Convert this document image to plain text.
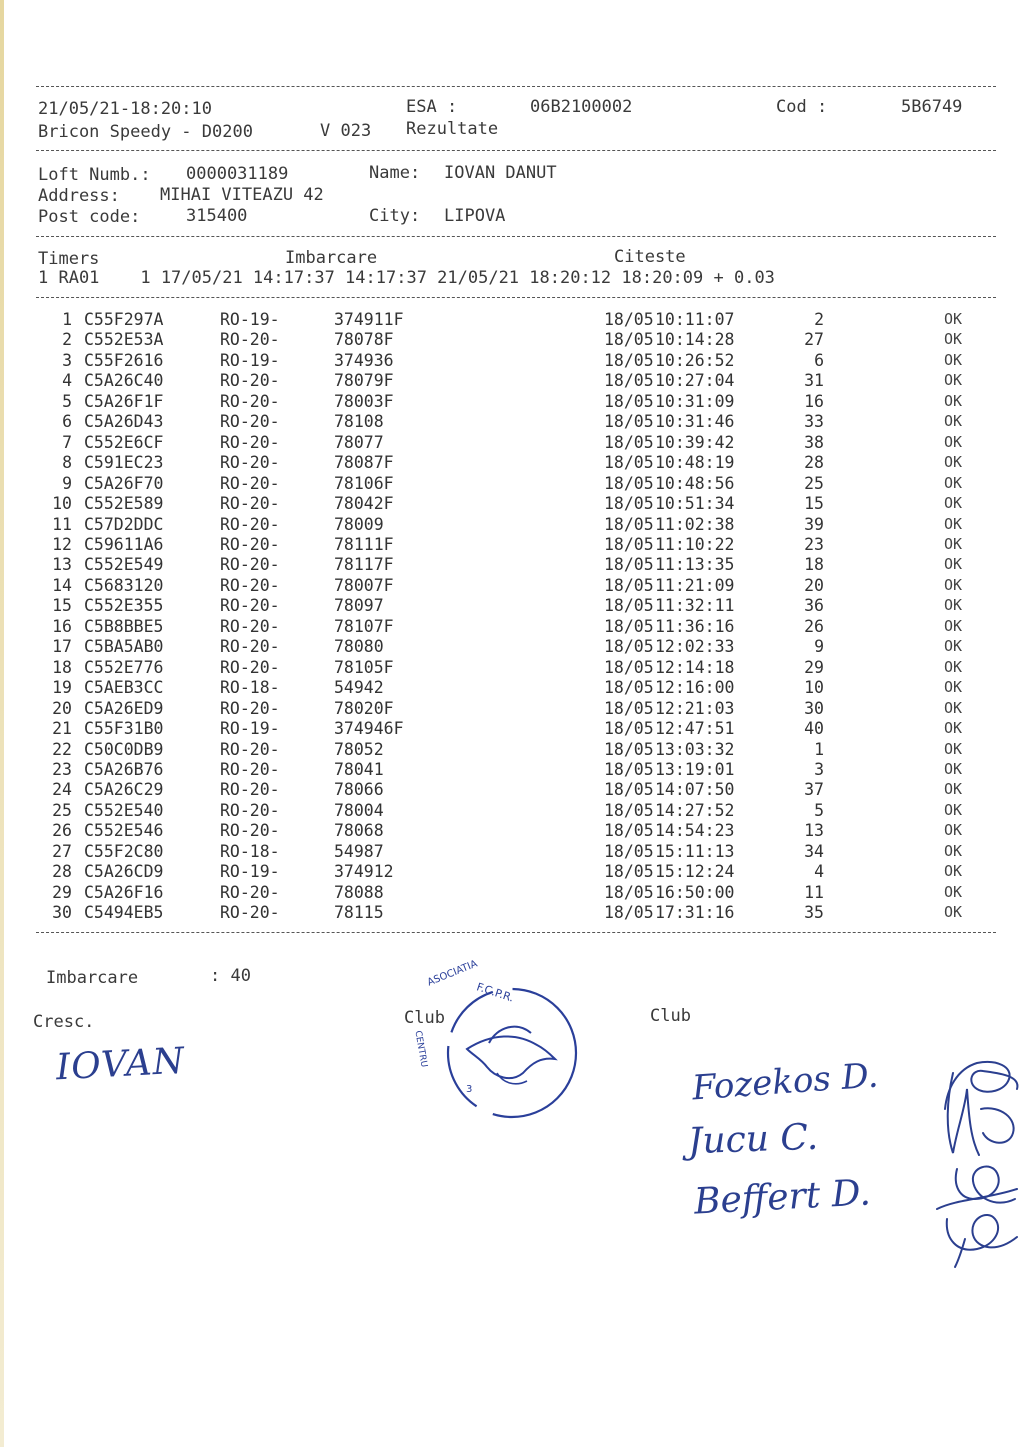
21/05/21-18:20:10	ESA :	06B2100002	Cod :	5B6749
Bricon Speedy - D0200	V 023 Rezultate
Loft Numb.: 0000031189	Name: IOVAN DANUT
Address: MIHAI VITEAZU 42
Post code:	315400	City: LIPOVA
Timers	Imbarcare	Citeste
1 RA01    1 17/05/21 14:17:37 14:17:37 21/05/21 18:20:12 18:20:09 + 0.03
1 C55F297A	RO-19-	374911F	18/05 10:11:07	2	OK
2 C552E53A	RO-20-	78078F	18/05 10:14:28	27	OK
3 C55F2616	RO-19-	374936	18/05 10:26:52	6	OK
4 C5A26C40	RO-20-	78079F	18/05 10:27:04	31	OK
5 C5A26F1F	RO-20-	78003F	18/05 10:31:09	16	OK
6 C5A26D43	RO-20-	78108	18/05 10:31:46	33	OK
7 C552E6CF	RO-20-	78077	18/05 10:39:42	38	OK
8 C591EC23	RO-20-	78087F	18/05 10:48:19	28	OK
9 C5A26F70	RO-20-	78106F	18/05 10:48:56	25	OK
10 C552E589	RO-20-	78042F	18/05 10:51:34	15	OK
11 C57D2DDC	RO-20-	78009	18/05 11:02:38	39	OK
12 C59611A6	RO-20-	78111F	18/05 11:10:22	23	OK
13 C552E549	RO-20-	78117F	18/05 11:13:35	18	OK
14 C5683120	RO-20-	78007F	18/05 11:21:09	20	OK
15 C552E355	RO-20-	78097	18/05 11:32:11	36	OK
16 C5B8BBE5	RO-20-	78107F	18/05 11:36:16	26	OK
17 C5BA5AB0	RO-20-	78080	18/05 12:02:33	9	OK
18 C552E776	RO-20-	78105F	18/05 12:14:18	29	OK
19 C5AEB3CC	RO-18-	54942	18/05 12:16:00	10	OK
20 C5A26ED9	RO-20-	78020F	18/05 12:21:03	30	OK
21 C55F31B0	RO-19-	374946F	18/05 12:47:51	40	OK
22 C50C0DB9	RO-20-	78052	18/05 13:03:32	1	OK
23 C5A26B76	RO-20-	78041	18/05 13:19:01	3	OK
24 C5A26C29	RO-20-	78066	18/05 14:07:50	37	OK
25 C552E540	RO-20-	78004	18/05 14:27:52	5	OK
26 C552E546	RO-20-	78068	18/05 14:54:23	13	OK
27 C55F2C80	RO-18-	54987	18/05 15:11:13	34	OK
28 C5A26CD9	RO-19-	374912	18/05 15:12:24	4	OK
29 C5A26F16	RO-20-	78088	18/05 16:50:00	11	OK
30 C5494EB5	RO-20-	78115	18/05 17:31:16	35	OK
Imbarcare	: 40
Cresc.	Club
IOVAN

ASOCIATIA
F.C.P.R.
CENTRU
3
Club
Fozekos D.
Jucu C.
Beffert D.
